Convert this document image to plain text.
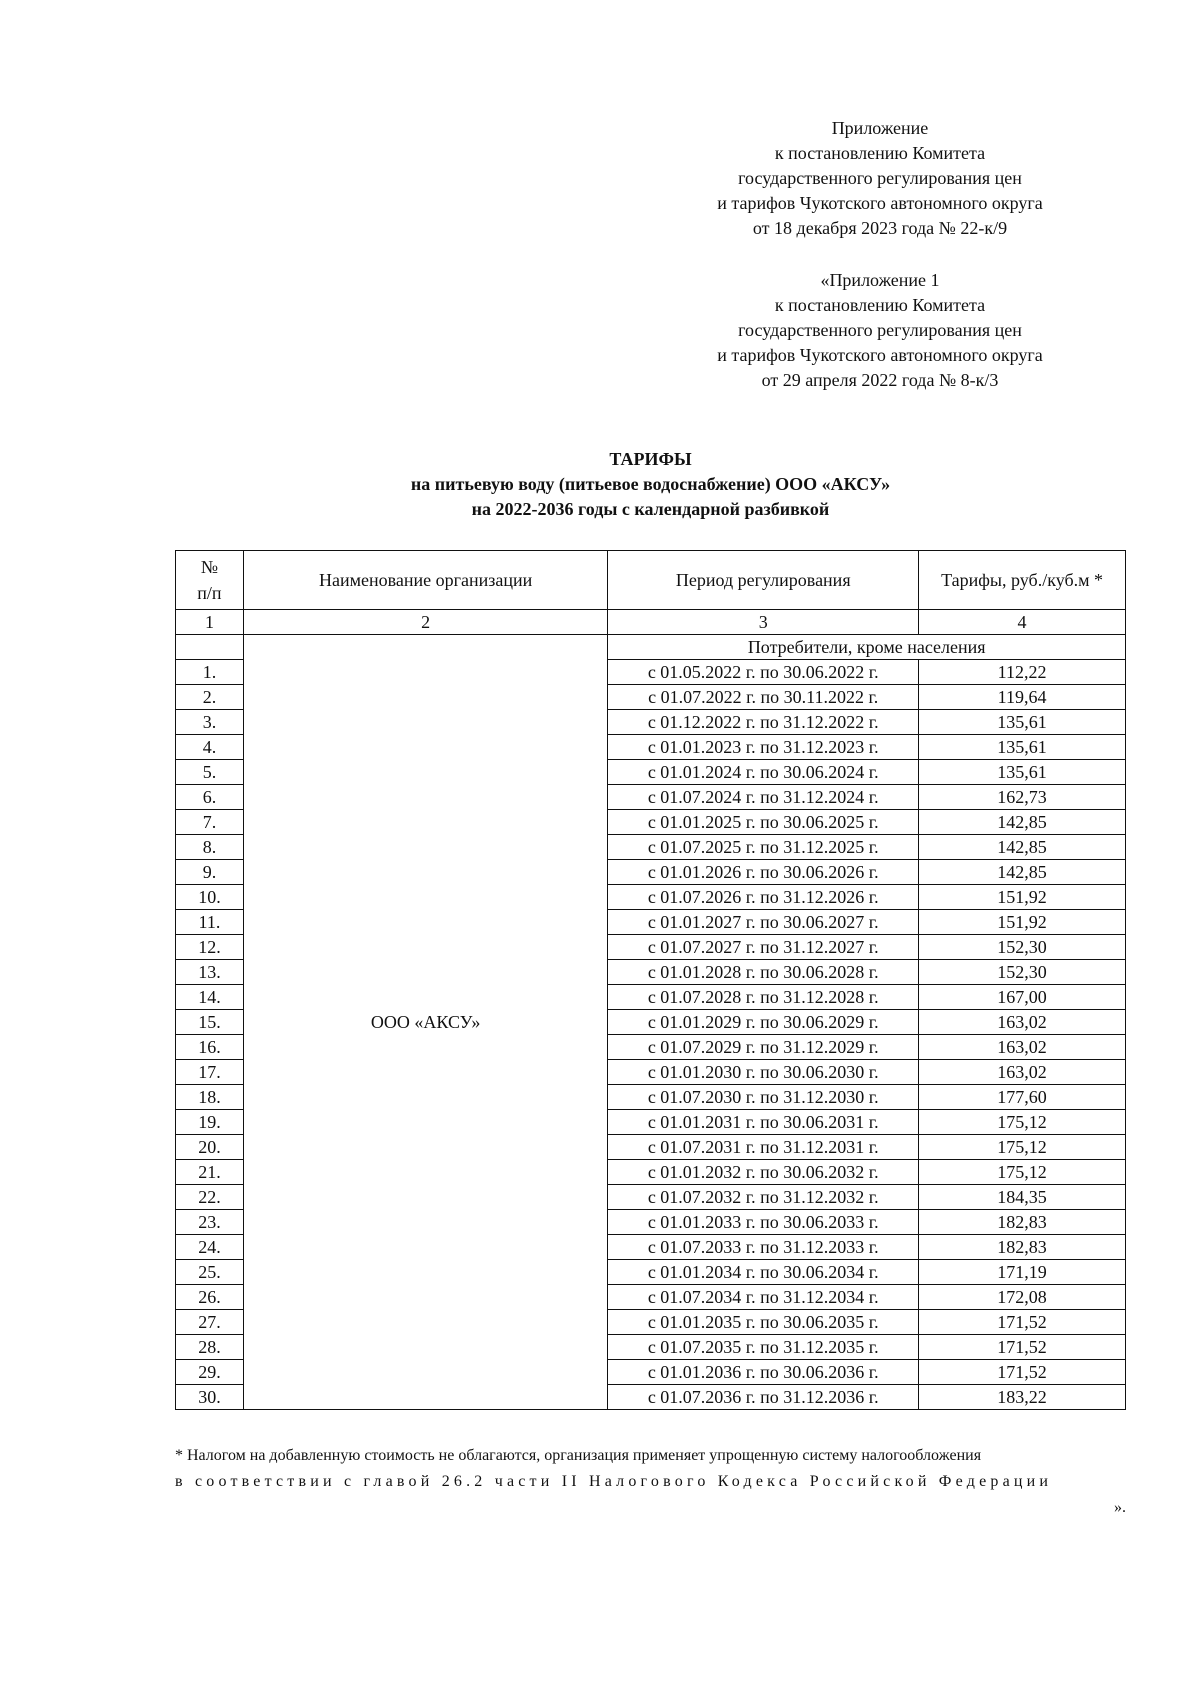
Приложение
к постановлению Комитета
государственного регулирования цен
и тарифов Чукотского автономного округа
от 18 декабря 2023 года № 22-к/9
«Приложение 1
к постановлению Комитета
государственного регулирования цен
и тарифов Чукотского автономного округа
от 29 апреля 2022 года № 8-к/3
ТАРИФЫ
на питьевую воду (питьевое водоснабжение) ООО «АКСУ»
на 2022-2036 годы с календарной разбивкой
№
п/п	Наименование организации	Период регулирования	Тарифы, руб./куб.м *
1	2	3	4
	ООО «АКСУ»	Потребители, кроме населения	
1.		с 01.05.2022 г. по 30.06.2022 г.	112,22
2.		с 01.07.2022 г. по 30.11.2022 г.	119,64
3.		с 01.12.2022 г. по 31.12.2022 г.	135,61
4.		с 01.01.2023 г. по 31.12.2023 г.	135,61
5.		с 01.01.2024 г. по 30.06.2024 г.	135,61
6.		с 01.07.2024 г. по 31.12.2024 г.	162,73
7.		с 01.01.2025 г. по 30.06.2025 г.	142,85
8.		с 01.07.2025 г. по 31.12.2025 г.	142,85
9.		с 01.01.2026 г. по 30.06.2026 г.	142,85
10.		с 01.07.2026 г. по 31.12.2026 г.	151,92
11.		с 01.01.2027 г. по 30.06.2027 г.	151,92
12.		с 01.07.2027 г. по 31.12.2027 г.	152,30
13.		с 01.01.2028 г. по 30.06.2028 г.	152,30
14.		с 01.07.2028 г. по 31.12.2028 г.	167,00
15.		с 01.01.2029 г. по 30.06.2029 г.	163,02
16.		с 01.07.2029 г. по 31.12.2029 г.	163,02
17.		с 01.01.2030 г. по 30.06.2030 г.	163,02
18.		с 01.07.2030 г. по 31.12.2030 г.	177,60
19.		с 01.01.2031 г. по 30.06.2031 г.	175,12
20.		с 01.07.2031 г. по 31.12.2031 г.	175,12
21.		с 01.01.2032 г. по 30.06.2032 г.	175,12
22.		с 01.07.2032 г. по 31.12.2032 г.	184,35
23.		с 01.01.2033 г. по 30.06.2033 г.	182,83
24.		с 01.07.2033 г. по 31.12.2033 г.	182,83
25.		с 01.01.2034 г. по 30.06.2034 г.	171,19
26.		с 01.07.2034 г. по 31.12.2034 г.	172,08
27.		с 01.01.2035 г. по 30.06.2035 г.	171,52
28.		с 01.07.2035 г. по 31.12.2035 г.	171,52
29.		с 01.01.2036 г. по 30.06.2036 г.	171,52
30.		с 01.07.2036 г. по 31.12.2036 г.	183,22
* Налогом на добавленную стоимость не облагаются, организация применяет упрощенную систему налогообложения
в соответствии с главой 26.2 части II Налогового Кодекса Российской Федерации
».
